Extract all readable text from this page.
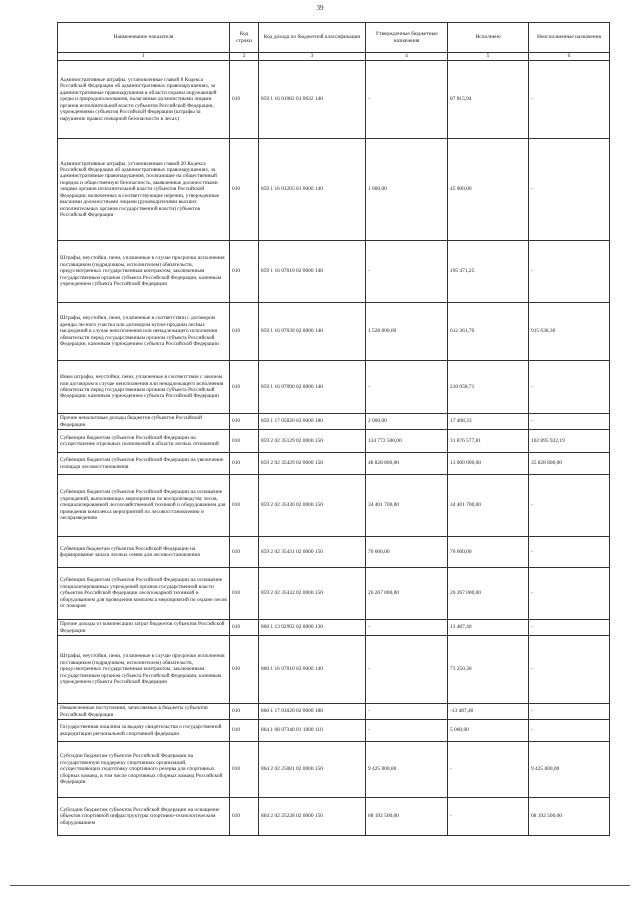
39
Наименование показателя	Код строки	Код дохода по бюджетной классификации	Утвержденные бюджетные назначения	Исполнено	Неисполненные назначения
1	2	3	4	5	6
Административные штрафы, установленные главой 8 Кодекса Российской Федерации об административных правонарушениях, за административные правонарушения в области охраны окружающей среды и природопользования, налагаемые должностными лицами органов исполнительной власти субъектов Российской Федерации, учреждениями субъектов Российской Федерации (штрафы за нарушение правил пожарной безопасности в лесах)	010	859 1 16 01082 01 0032 140	-	87 815,94	-
Административные штрафы, установленные главой 20 Кодекса Российской Федерации об административных правонарушениях, за административные правонарушения, посягающие на общественный порядок и общественную безопасность, выявленные должностными лицами органов исполнительной власти субъектов Российской Федерации, включенных в соответствующие перечни, утвержденные высшими должностными лицами (руководителями высших исполнительных органов государственной власти) субъектов Российской Федерации	010	859 1 16 01205 01 0000 140	1 000,00	45 000,00	-
Штрафы, неустойки, пени, уплаченные в случае просрочки исполнения поставщиком (подрядчиком, исполнителем) обязательств, предусмотренных государственным контрактом, заключенным государственным органом субъекта Российской Федерации, казенным учреждением субъекта Российской Федерации	010	859 1 16 07010 02 0000 140	-	195 471,25	-
Штрафы, неустойки, пени, уплаченные в соответствии с договором аренды лесного участка или договором купли-продажи лесных насаждений в случае неисполнения или ненадлежащего исполнения обязательств перед государственным органом субъекта Российской Федерации, казенным учреждением субъекта Российской Федерации	010	859 1 16 07030 02 0000 140	1 528 000,00	612 361,70	915 638,30
Иные штрафы, неустойки, пени, уплаченные в соответствии с законом или договором в случае неисполнения или ненадлежащего исполнения обязательств перед государственным органом субъекта Российской Федерации, казенным учреждением субъекта Российской Федерации	010	859 1 16 07090 02 0000 140	-	210 058,71	-
Прочие неналоговые доходы бюджетов субъектов Российской Федерации	010	859 1 17 05020 02 0000 180	2 000,00	17 408,33	-
Субвенции бюджетам субъектов Российской Федерации на осуществление отдельных полномочий в области лесных отношений	010	859 2 02 35129 02 0000 150	134 772 500,00	31 876 577,81	102 895 922,19
Субвенции бюджетам субъектов Российской Федерации на увеличение площади лесовосстановления	010	859 2 02 35429 02 0000 150	48 828 800,00	13 000 000,00	35 828 800,00
Субвенции бюджетам субъектов Российской Федерации на оснащение учреждений, выполняющих мероприятия по воспроизводству лесов, специализированной лесохозяйственной техникой и оборудованием для проведения комплекса мероприятий по лесовосстановлению и лесоразведению	010	859 2 02 35430 02 0000 150	34 401 700,00	34 401 700,00	-
Субвенция бюджетам субъектов Российской Федерации на формирование запаса лесных семян для лесовосстановления	010	859 2 02 35431 02 0000 150	70 600,00	70 600,00	-
Субвенции бюджетам субъектов Российской Федерации на оснащение специализированных учреждений органов государственной власти субъектов Российской Федерации лесопожарной техникой и оборудованием для проведения комплекса мероприятий по охране лесов от пожаров	010	859 2 02 35432 02 0000 150	26 267 000,00	26 267 000,00	-
Прочие доходы от компенсации затрат бюджетов субъектов Российской Федерации	010	860 1 13 02992 02 0000 130	-	13 487,40	-
Штрафы, неустойки, пени, уплаченные в случае просрочки исполнения поставщиком (подрядчиком, исполнителем) обязательств, предусмотренных государственным контрактом, заключенным государственным органом субъекта Российской Федерации, казенным учреждением субъекта Российской Федерации	010	860 1 16 07010 02 0000 140	-	73 250,36	-
Невыясненные поступления, зачисляемые в бюджеты субъектов Российской Федерации	010	860 1 17 01020 02 0000 180	-	-13 487,40	-
Государственная пошлина за выдачу свидетельства о государственной аккредитации региональной спортивной федерации	010	864 1 08 07340 01 1000 110	-	5 000,00	-
Субсидии бюджетам субъектов Российской Федерации на государственную поддержку спортивных организаций, осуществляющих подготовку спортивного резерва для спортивных сборных команд, в том числе спортивных сборных команд Российской Федерации	010	864 2 02 25081 02 0000 150	9 425 000,00	-	9 425 000,00
Субсидии бюджетам субъектов Российской Федерации на оснащение объектов спортивной инфраструктуры спортивно-технологическим оборудованием	010	864 2 02 25228 02 0000 150	68 192 500,00	-	68 192 500,00
